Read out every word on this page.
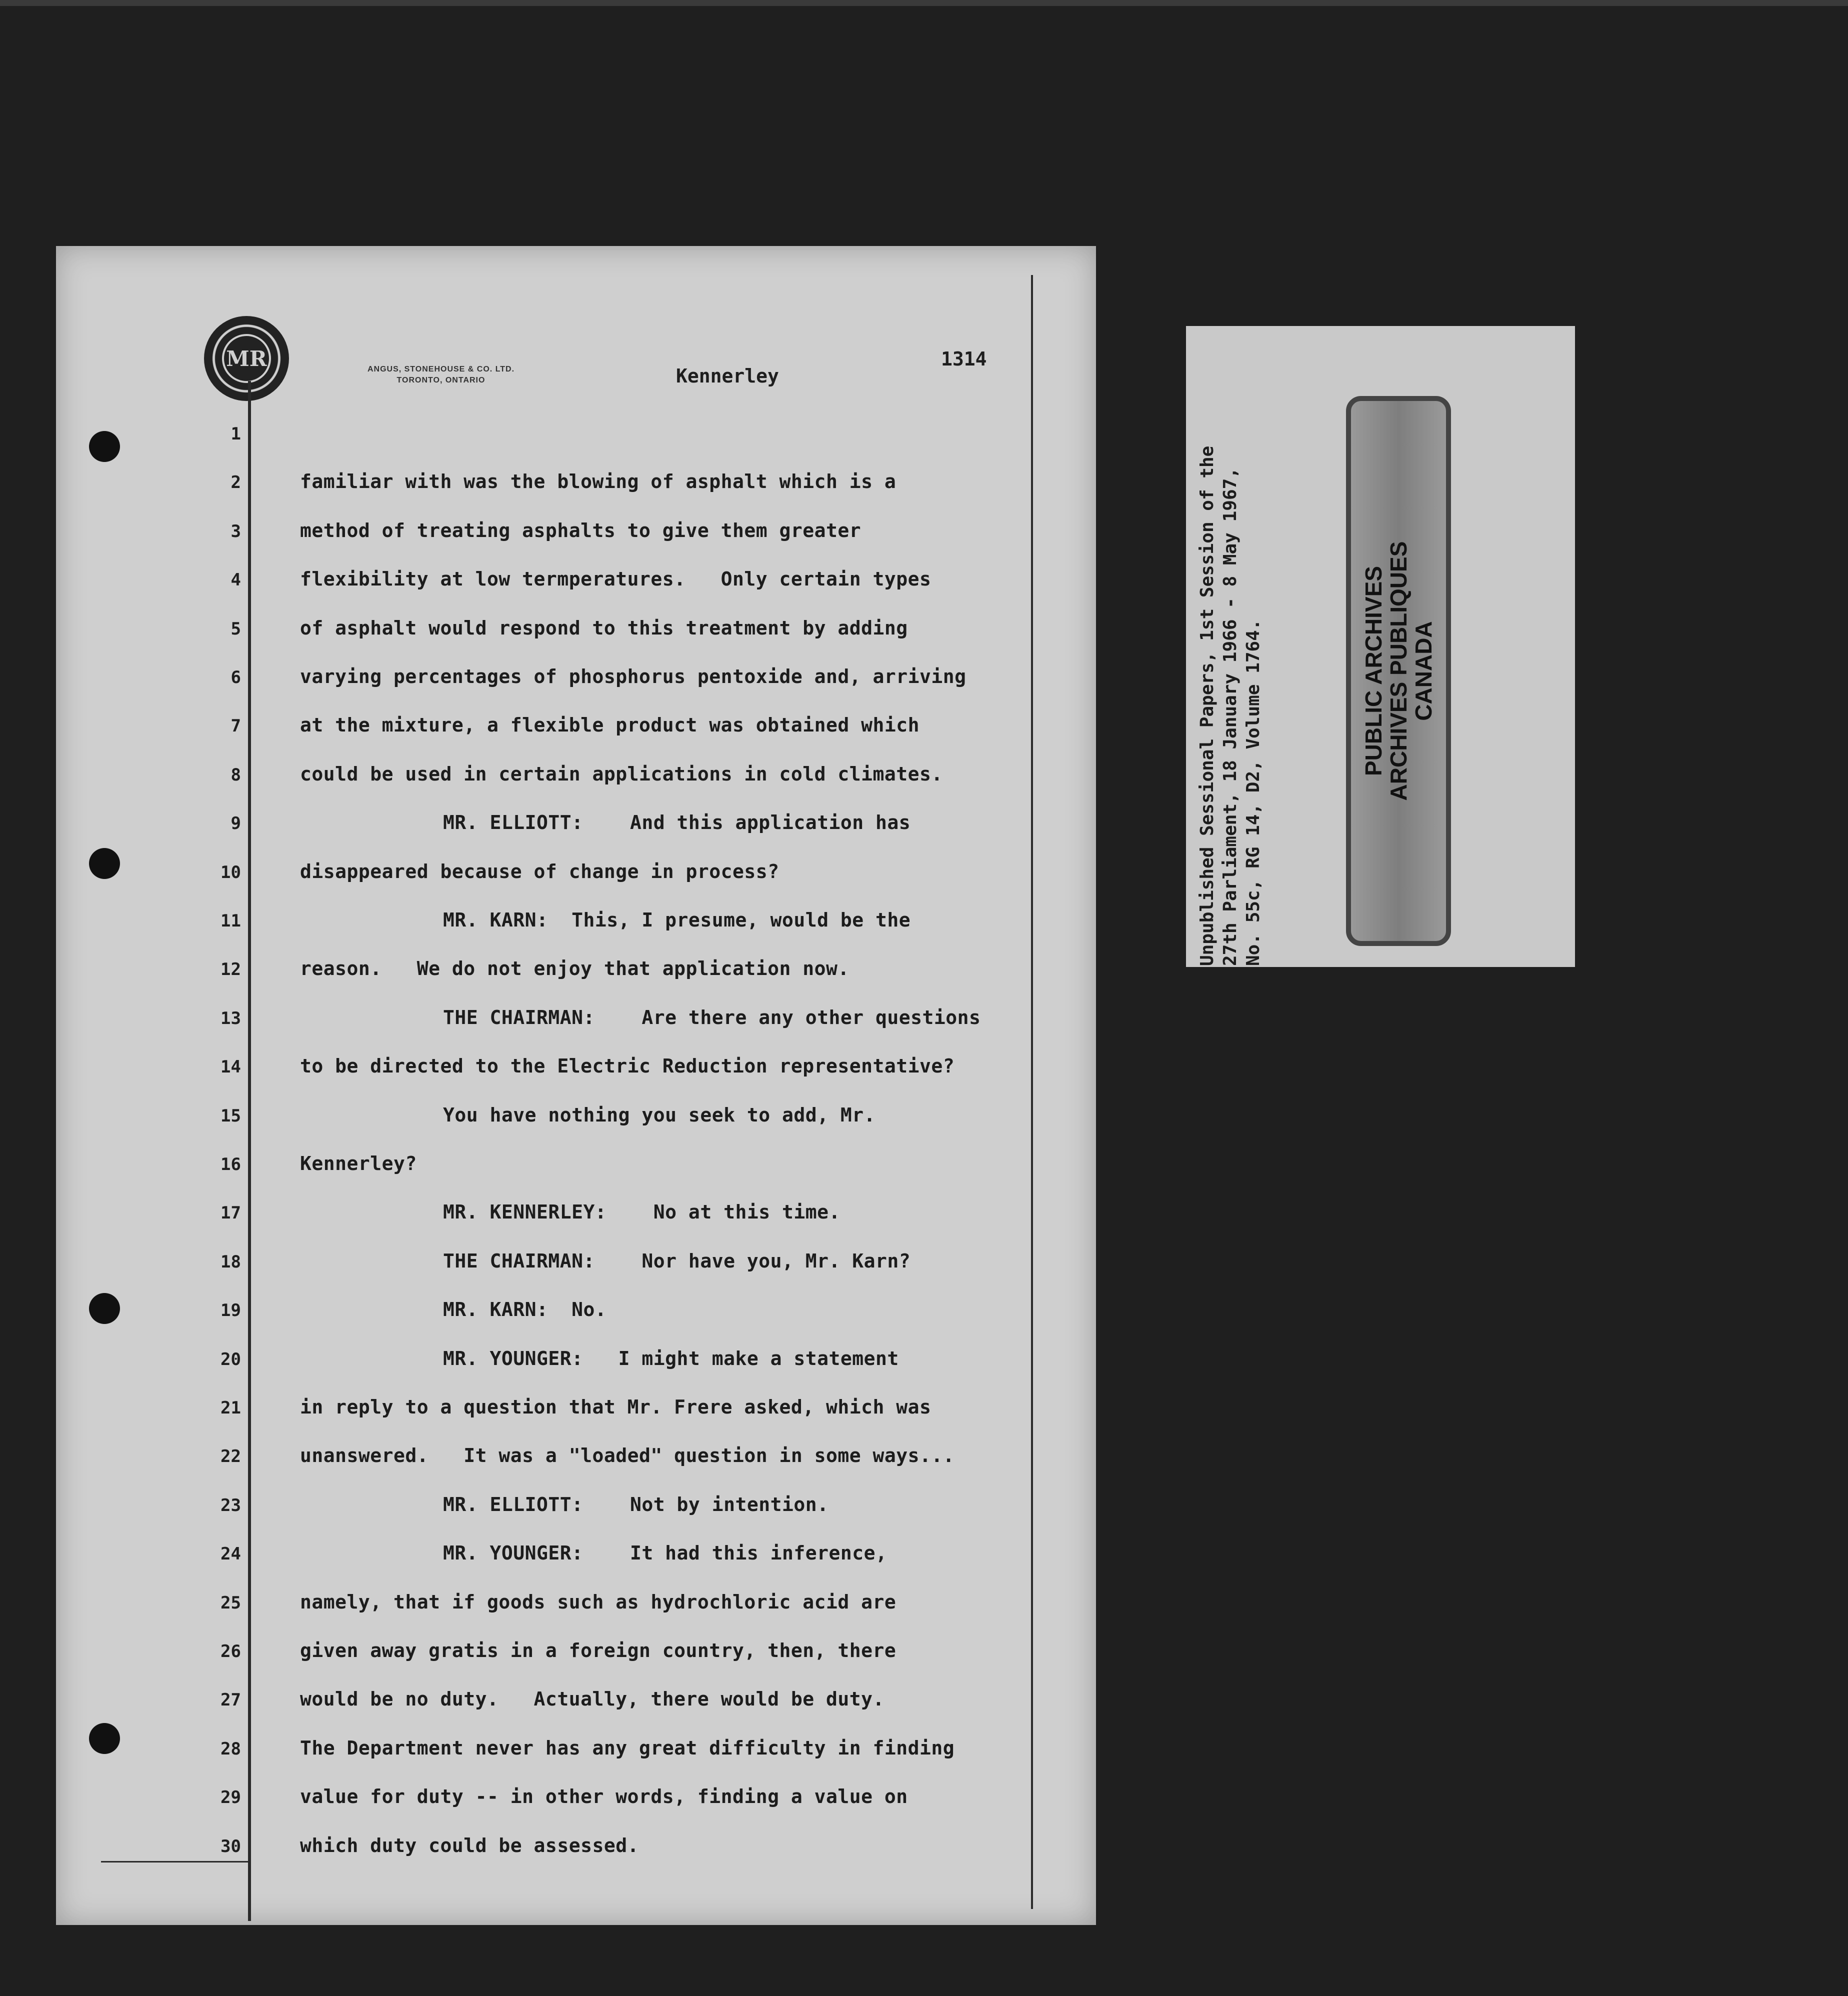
MR	ANGUS, STONEHOUSE & CO. LTD.
TORONTO, ONTARIO	Kennerley
1314
1
2	familiar with was the blowing of asphalt which is a
3	method of treating asphalts to give them greater
4	flexibility at low termperatures.   Only certain types
5	of asphalt would respond to this treatment by adding
6	varying percentages of phosphorus pentoxide and, arriving
7	at the mixture, a flexible product was obtained which
8	could be used in certain applications in cold climates.
9	MR. ELLIOTT:    And this application has
10	disappeared because of change in process?
11	MR. KARN:  This, I presume, would be the
12	reason.   We do not enjoy that application now.
13	THE CHAIRMAN:    Are there any other questions
14	to be directed to the Electric Reduction representative?
15	You have nothing you seek to add, Mr.
16	Kennerley?
17	MR. KENNERLEY:    No at this time.
18	THE CHAIRMAN:    Nor have you, Mr. Karn?
19	MR. KARN:  No.
20	MR. YOUNGER:   I might make a statement
21	in reply to a question that Mr. Frere asked, which was
22	unanswered.   It was a "loaded" question in some ways...
23	MR. ELLIOTT:    Not by intention.
24	MR. YOUNGER:    It had this inference,
25	namely, that if goods such as hydrochloric acid are
26	given away gratis in a foreign country, then, there
27	would be no duty.   Actually, there would be duty.
28	The Department never has any great difficulty in finding
29	value for duty -- in other words, finding a value on
30	which duty could be assessed.
Unpublished Sessional Papers, 1st Session of the 27th Parliament, 18 January 1966 - 8 May 1967, No. 55c, RG 14, D2, Volume 1764.	PUBLIC ARCHIVES
ARCHIVES PUBLIQUES
CANADA
